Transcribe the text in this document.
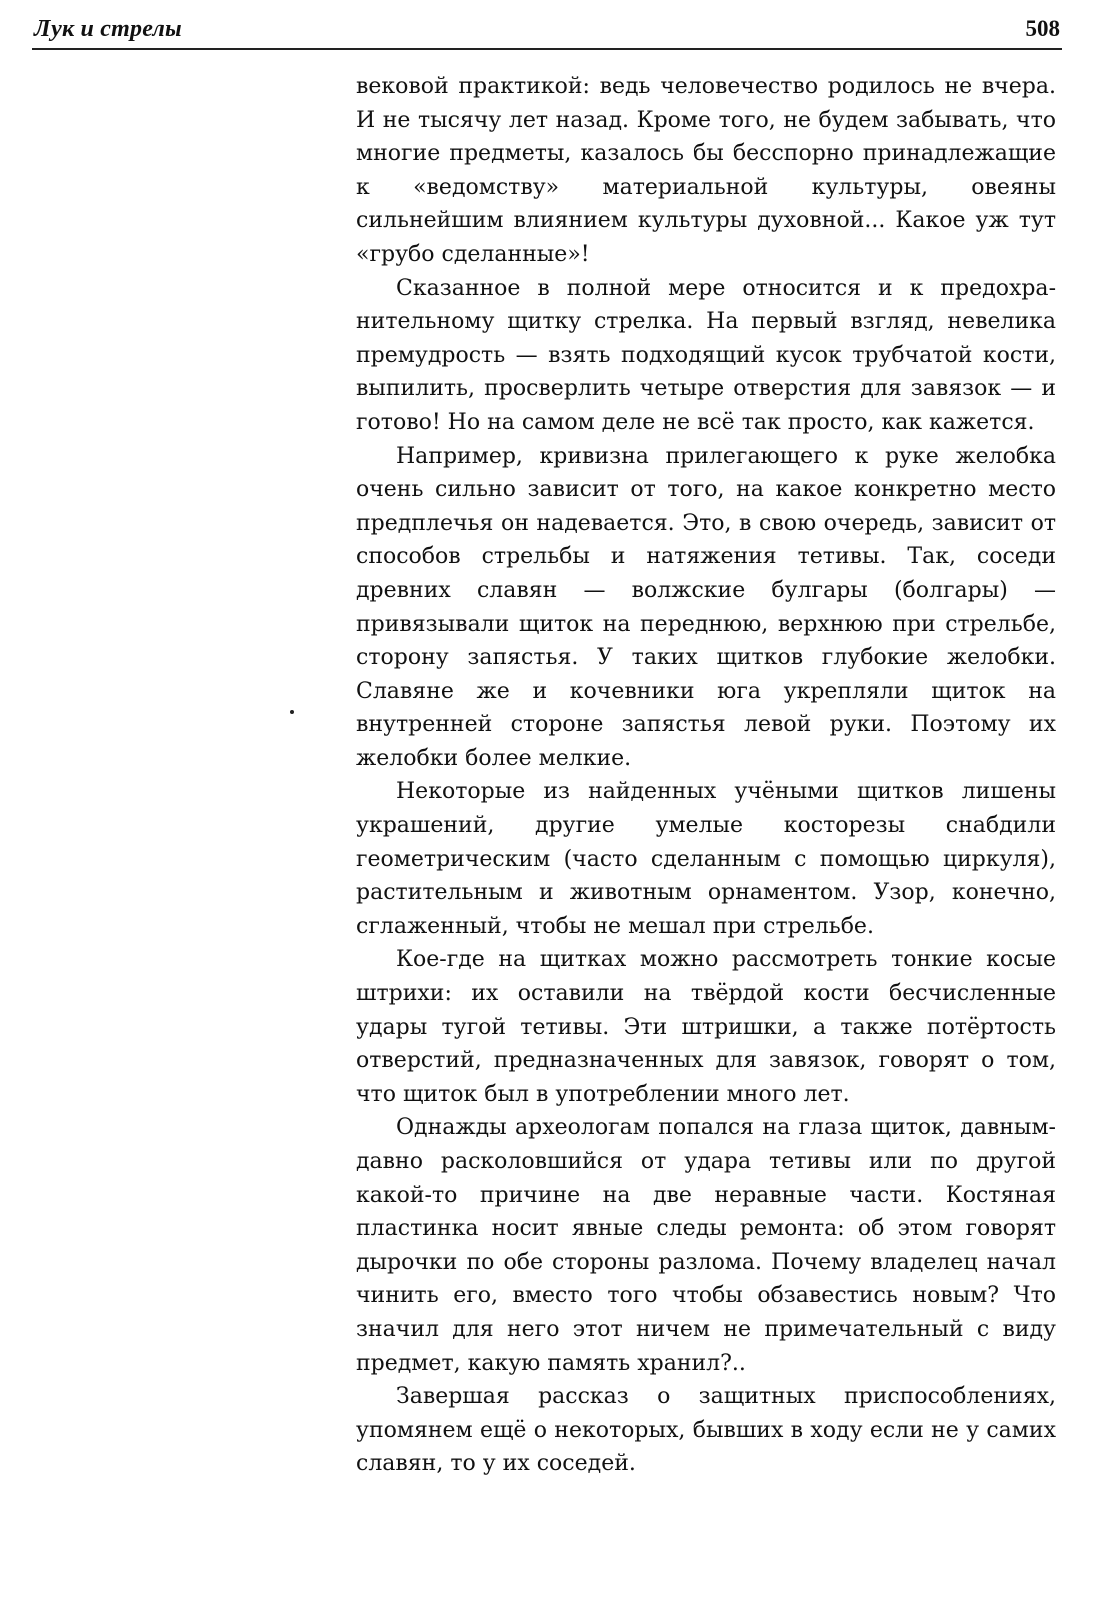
Лук и стрелы	508

вековой практикой: ведь человечество родилось не вчера. И не тысячу лет назад. Кроме того, не будем забывать, что многие предметы, казалось бы бесспорно принадлежащие к «ведомству» материальной культуры, овеяны сильнейшим влиянием культуры духовной... Какое уж тут «грубо сделанные»!

Сказанное в полной мере относится и к предохранительному щитку стрелка. На первый взгляд, невелика премудрость — взять подходящий кусок трубчатой кости, выпилить, просверлить четыре отверстия для завязок — и готово! Но на самом деле не всё так просто, как кажется.

Например, кривизна прилегающего к руке желобка очень сильно зависит от того, на какое конкретно место предплечья он надевается. Это, в свою очередь, зависит от способов стрельбы и натяжения тетивы. Так, соседи древних славян — волжские булгары (болгары) — привязывали щиток на переднюю, верхнюю при стрельбе, сторону запястья. У таких щитков глубокие желобки. Славяне же и кочевники юга укрепляли щиток на внутренней стороне запястья левой руки. Поэтому их желобки более мелкие.

Некоторые из найденных учёными щитков лишены украшений, другие умелые косторезы снабдили геометрическим (часто сделанным с помощью циркуля), растительным и животным орнаментом. Узор, конечно, сглаженный, чтобы не мешал при стрельбе.

Кое-где на щитках можно рассмотреть тонкие косые штрихи: их оставили на твёрдой кости бесчисленные удары тугой тетивы. Эти штришки, а также потёртость отверстий, предназначенных для завязок, говорят о том, что щиток был в употреблении много лет.

Однажды археологам попался на глаза щиток, давным-давно расколовшийся от удара тетивы или по другой какой-то причине на две неравные части. Костяная пластинка носит явные следы ремонта: об этом говорят дырочки по обе стороны разлома. Почему владелец начал чинить его, вместо того чтобы обзавестись новым? Что значил для него этот ничем не примечательный с виду предмет, какую память хранил?..

Завершая рассказ о защитных приспособлениях, упомянем ещё о некоторых, бывших в ходу если не у самих славян, то у их соседей.
